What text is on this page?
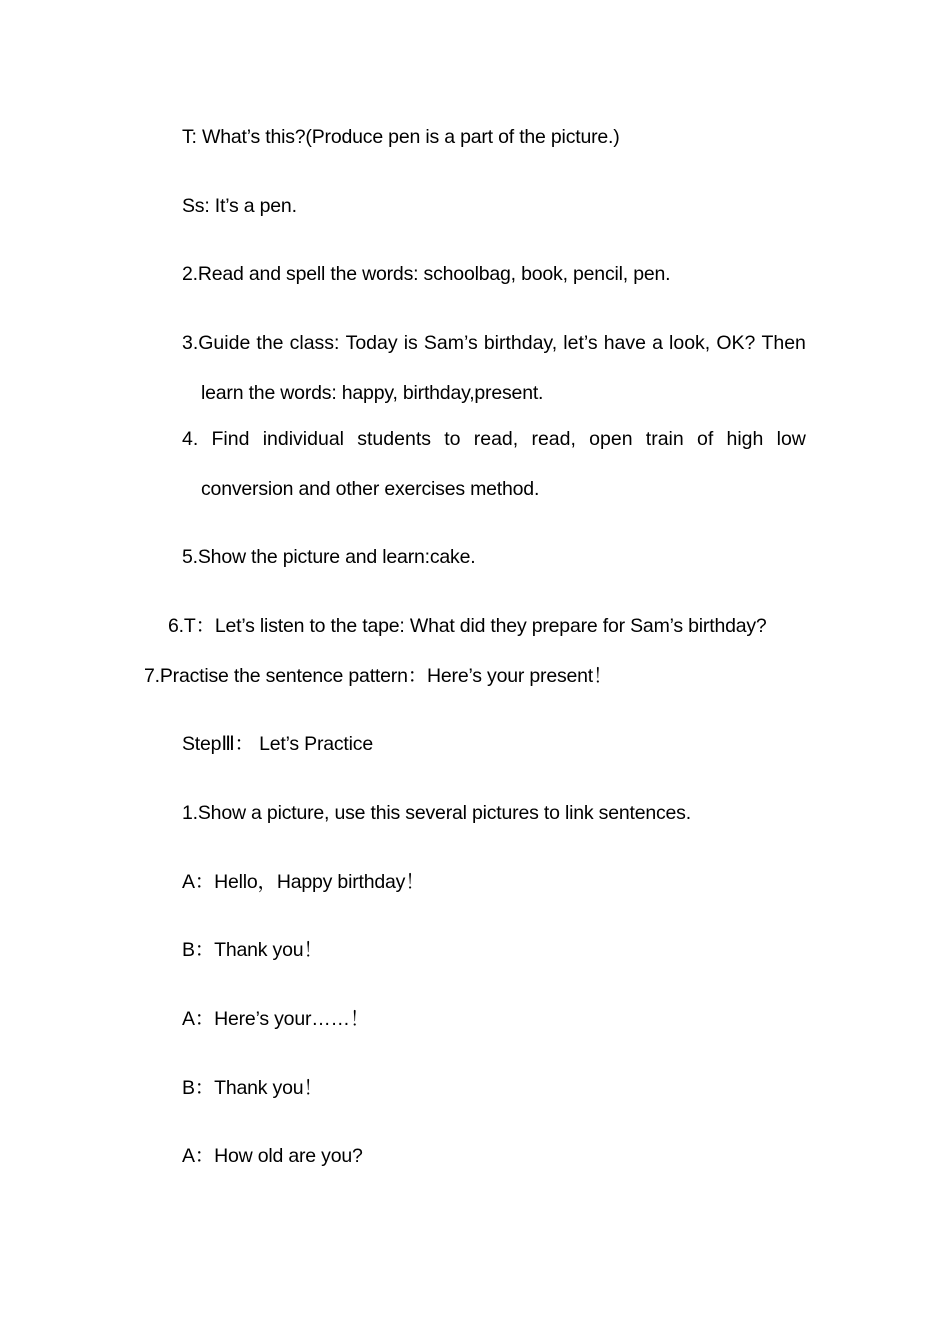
T: What’s this?(Produce pen is a part of the picture.)
Ss: It’s a pen.
2.Read and spell the words: schoolbag, book, pencil, pen.
3.Guide the class: Today is Sam’s birthday, let’s have a look, OK? Then
learn the words: happy, birthday,present.
4. Find individual students to read, read, open train of high low
conversion and other exercises method.
5.Show the picture and learn:cake.
6.T：Let’s listen to the tape: What did they prepare for Sam’s birthday?
7.Practise the sentence pattern：Here’s your present！
StepⅢ： Let’s Practice
1.Show a picture, use this several pictures to link sentences.
A：Hello，Happy birthday！
B：Thank you！
A：Here’s your……！
B：Thank you！
A：How old are you?
